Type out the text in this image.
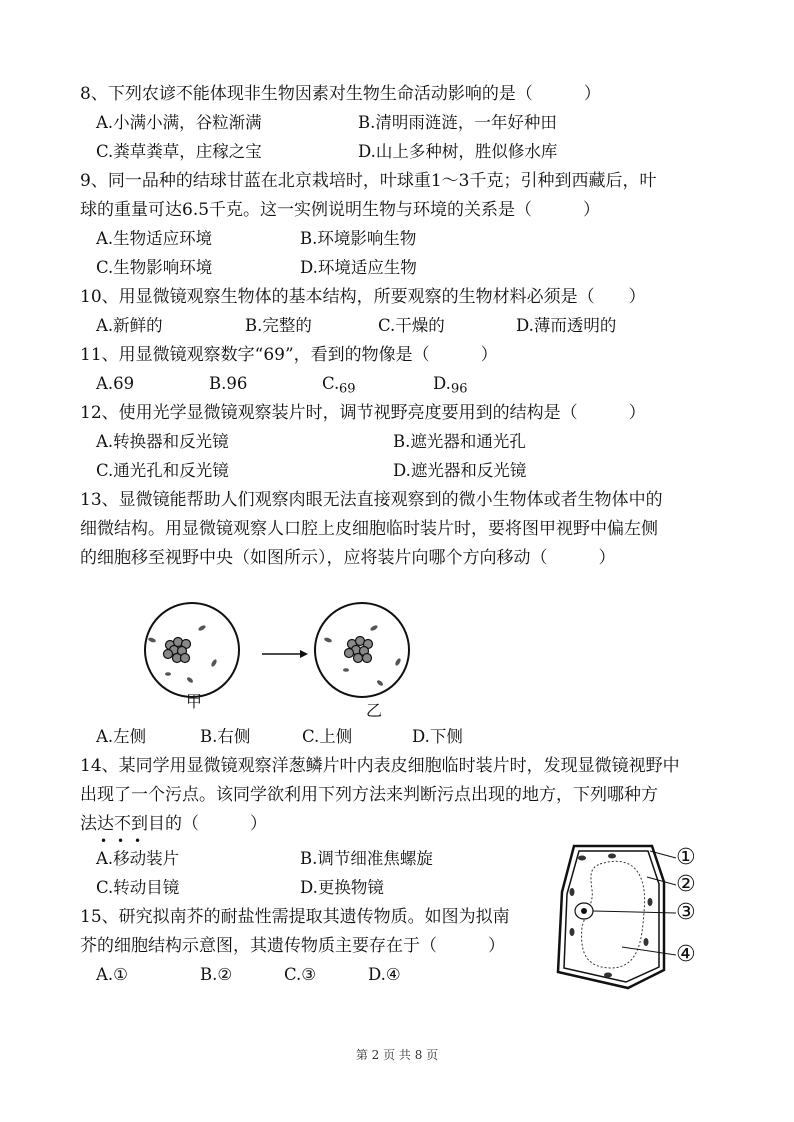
8、下列农谚不能体现非生物因素对生物生命活动影响的是（　　　）
A.小满小满，谷粒渐满	B.清明雨涟涟，一年好种田
C.粪草粪草，庄稼之宝	D.山上多种树，胜似修水库
9、同一品种的结球甘蓝在北京栽培时，叶球重1～3千克；引种到西藏后，叶
球的重量可达6.5千克。这一实例说明生物与环境的关系是（　　　）
A.生物适应环境	B.环境影响生物
C.生物影响环境	D.环境适应生物
10、用显微镜观察生物体的基本结构，所要观察的生物材料必须是（　　）
A.新鲜的	B.完整的	C.干燥的	D.薄而透明的
11、用显微镜观察数字“69”，看到的物像是（　　　）
A.69	B.96	C.69	D.96
12、使用光学显微镜观察装片时，调节视野亮度要用到的结构是（　　　）
A.转换器和反光镜	B.遮光器和通光孔
C.通光孔和反光镜	D.遮光器和反光镜
13、显微镜能帮助人们观察肉眼无法直接观察到的微小生物体或者生物体中的
细微结构。用显微镜观察人口腔上皮细胞临时装片时，要将图甲视野中偏左侧
的细胞移至视野中央（如图所示），应将装片向哪个方向移动（　　　）
甲	乙
A.左侧	B.右侧	C.上侧	D.下侧
14、某同学用显微镜观察洋葱鳞片叶内表皮细胞临时装片时，发现显微镜视野中
出现了一个污点。该同学欲利用下列方法来判断污点出现的地方，下列哪种方
法达不到目的（　　　）
• • •
A.移动装片	B.调节细准焦螺旋
C.转动目镜	D.更换物镜
15、研究拟南芥的耐盐性需提取其遗传物质。如图为拟南
芥的细胞结构示意图，其遗传物质主要存在于（　　　）
A.①	B.②	C.③	D.④
①
②
③
④
第 2 页 共 8 页
